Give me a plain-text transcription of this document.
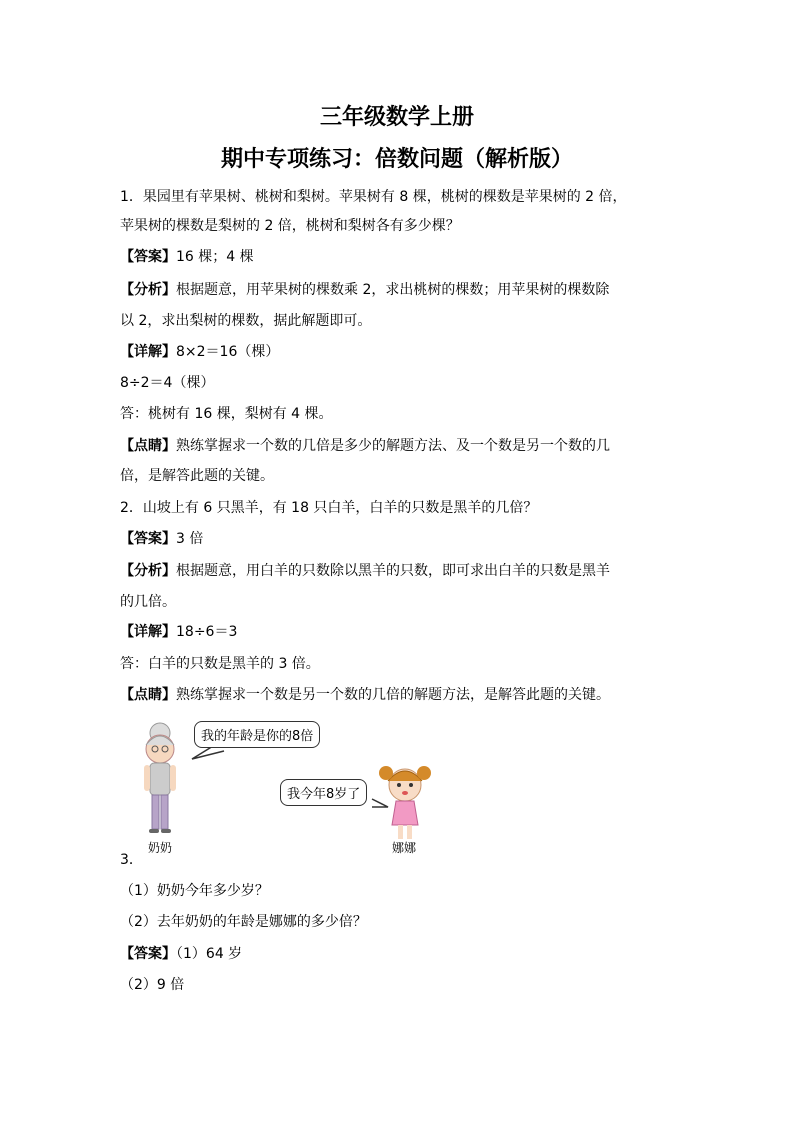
三年级数学上册
期中专项练习：倍数问题（解析版）
1．果园里有苹果树、桃树和梨树。苹果树有 8 棵，桃树的棵数是苹果树的 2 倍，
苹果树的棵数是梨树的 2 倍，桃树和梨树各有多少棵？
【答案】16 棵；4 棵
【分析】根据题意，用苹果树的棵数乘 2，求出桃树的棵数；用苹果树的棵数除
以 2，求出梨树的棵数，据此解题即可。
【详解】8×2＝16（棵）
8÷2＝4（棵）
答：桃树有 16 棵，梨树有 4 棵。
【点睛】熟练掌握求一个数的几倍是多少的解题方法、及一个数是另一个数的几
倍，是解答此题的关键。
2．山坡上有 6 只黑羊，有 18 只白羊，白羊的只数是黑羊的几倍？
【答案】3 倍
【分析】根据题意，用白羊的只数除以黑羊的只数，即可求出白羊的只数是黑羊
的几倍。
【详解】18÷6＝3
答：白羊的只数是黑羊的 3 倍。
【点睛】熟练掌握求一个数是另一个数的几倍的解题方法，是解答此题的关键。
我的年龄是你的8倍
我今年8岁了
奶奶	娜娜
3．
（1）奶奶今年多少岁？
（2）去年奶奶的年龄是娜娜的多少倍？
【答案】（1）64 岁
（2）9 倍
